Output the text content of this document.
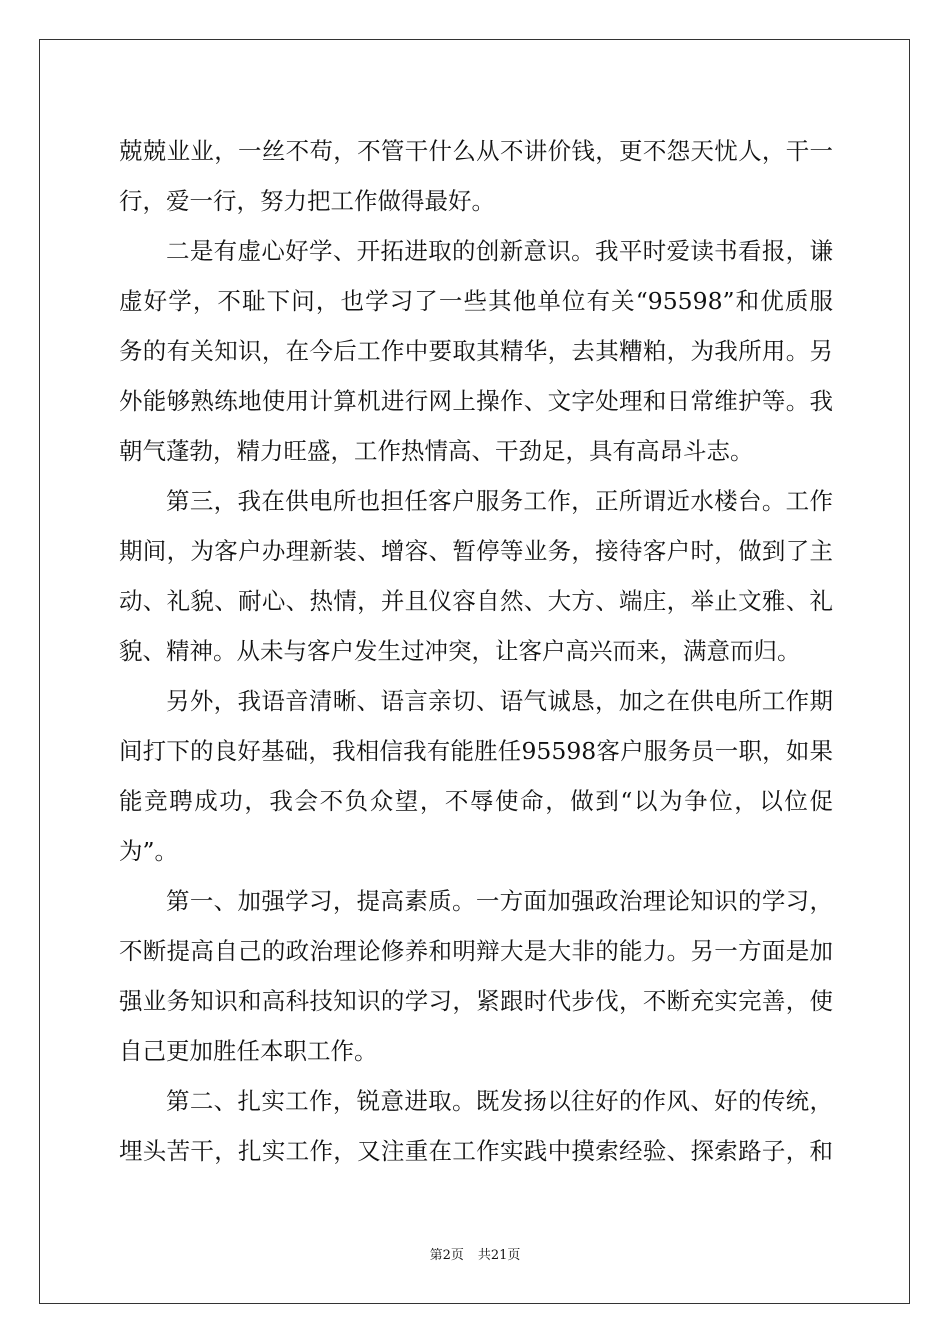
兢兢业业，一丝不苟，不管干什么从不讲价钱，更不怨天忧人，干一
行，爱一行，努力把工作做得最好。
二是有虚心好学、开拓进取的创新意识。我平时爱读书看报，谦
虚好学，不耻下问，也学习了一些其他单位有关“95598”和优质服
务的有关知识，在今后工作中要取其精华，去其糟粕，为我所用。另
外能够熟练地使用计算机进行网上操作、文字处理和日常维护等。我
朝气蓬勃，精力旺盛，工作热情高、干劲足，具有高昂斗志。
第三，我在供电所也担任客户服务工作，正所谓近水楼台。工作
期间，为客户办理新装、增容、暂停等业务，接待客户时，做到了主
动、礼貌、耐心、热情，并且仪容自然、大方、端庄，举止文雅、礼
貌、精神。从未与客户发生过冲突，让客户高兴而来，满意而归。
另外，我语音清晰、语言亲切、语气诚恳，加之在供电所工作期
间打下的良好基础，我相信我有能胜任95598客户服务员一职，如果
能竞聘成功，我会不负众望，不辱使命，做到“以为争位，以位促
为”。
第一、加强学习，提高素质。一方面加强政治理论知识的学习，
不断提高自己的政治理论修养和明辩大是大非的能力。另一方面是加
强业务知识和高科技知识的学习，紧跟时代步伐，不断充实完善，使
自己更加胜任本职工作。
第二、扎实工作，锐意进取。既发扬以往好的作风、好的传统，
埋头苦干，扎实工作，又注重在工作实践中摸索经验、探索路子，和
第2页 共21页
